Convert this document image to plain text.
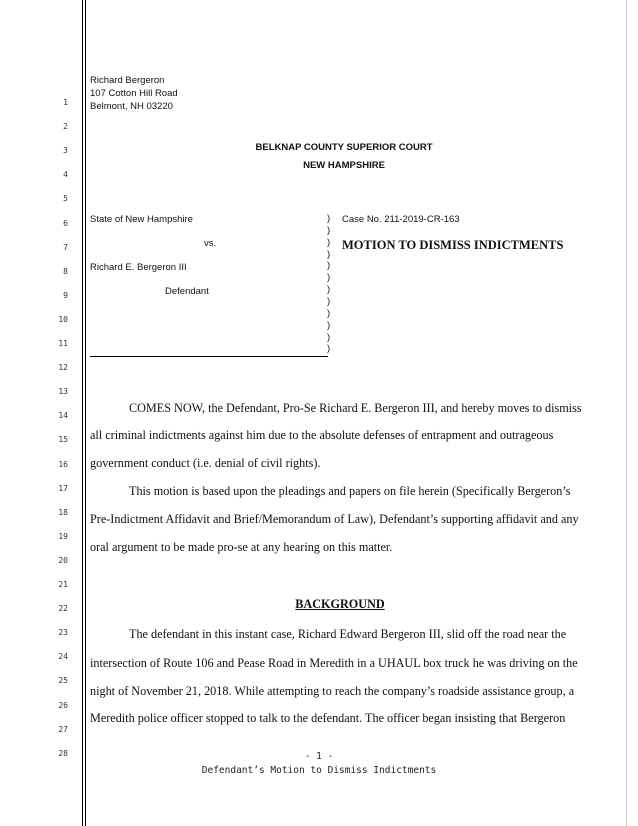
1
2
3
4
5
6
7
8
9
10
11
12
13
14
15
16
17
18
19
20
21
22
23
24
25
26
27
28
Richard Bergeron
107 Cotton Hill Road
Belmont, NH 03220
BELKNAP COUNTY SUPERIOR COURT
NEW HAMPSHIRE
State of New Hampshire
vs.
Richard E. Bergeron III
Defendant
)
)
)
)
)
)
)
)
)
)
)
)
Case No. 211-2019-CR-163
MOTION TO DISMISS INDICTMENTS
COMES NOW, the Defendant, Pro-Se Richard E. Bergeron III, and hereby moves to dismiss
all criminal indictments against him due to the absolute defenses of entrapment and outrageous
government conduct (i.e. denial of civil rights).
This motion is based upon the pleadings and papers on file herein (Specifically Bergeron’s
Pre-Indictment Affidavit and Brief/Memorandum of Law), Defendant’s supporting affidavit and any
oral argument to be made pro-se at any hearing on this matter.
BACKGROUND
The defendant in this instant case, Richard Edward Bergeron III, slid off the road near the
intersection of Route 106 and Pease Road in Meredith in a UHAUL box truck he was driving on the
night of November 21, 2018. While attempting to reach the company’s roadside assistance group, a
Meredith police officer stopped to talk to the defendant. The officer began insisting that Bergeron
- 1 -
Defendant’s Motion to Dismiss Indictments
